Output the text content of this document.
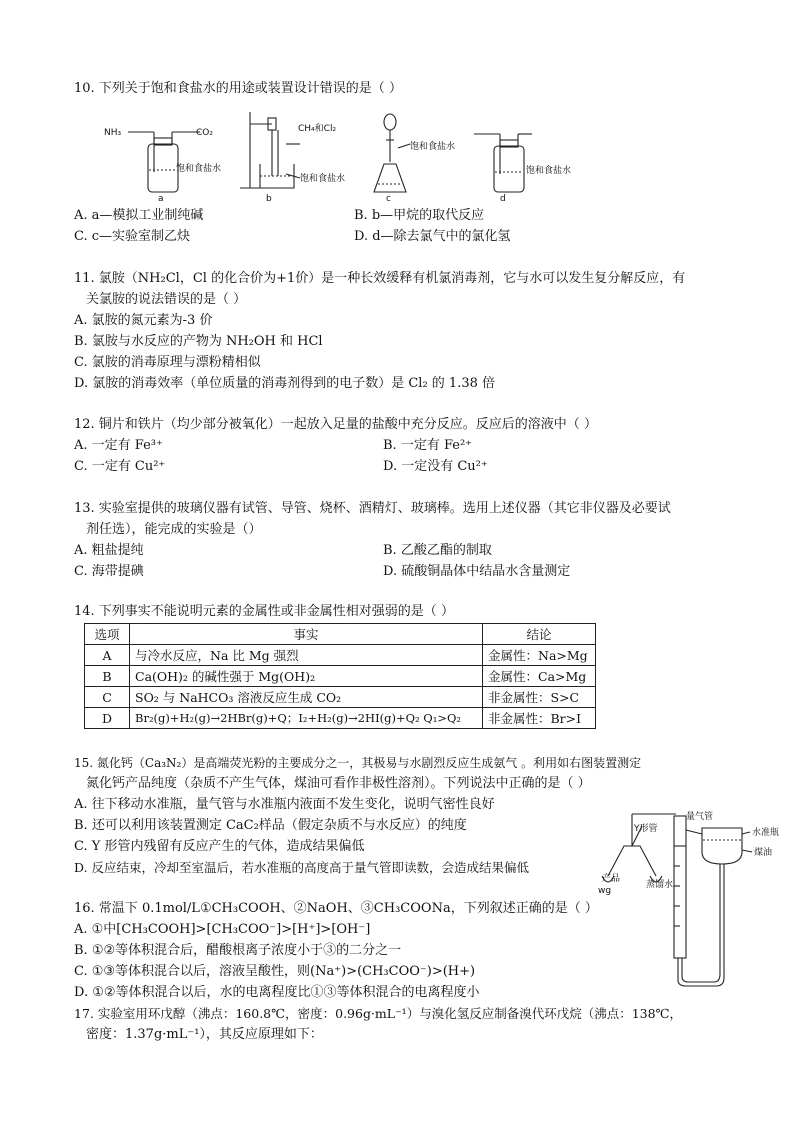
10. 下列关于饱和食盐水的用途或装置设计错误的是（ ）
NH₃	CO₂
饱和食盐水
a
CH₄和Cl₂
饱和食盐水
b
饱和食盐水
c
饱和食盐水
d
A. a—模拟工业制纯碱	B. b—甲烷的取代反应
C. c—实验室制乙炔	D. d—除去氯气中的氯化氢
11. 氯胺（NH₂Cl，Cl 的化合价为+1价）是一种长效缓释有机氯消毒剂，它与水可以发生复分解反应，有
关氯胺的说法错误的是（ ）
A. 氯胺的氮元素为-3 价
B. 氯胺与水反应的产物为 NH₂OH 和 HCl
C. 氯胺的消毒原理与漂粉精相似
D. 氯胺的消毒效率（单位质量的消毒剂得到的电子数）是 Cl₂ 的 1.38 倍
12. 铜片和铁片（均少部分被氧化）一起放入足量的盐酸中充分反应。反应后的溶液中（ ）
A. 一定有 Fe³⁺	B. 一定有 Fe²⁺
C. 一定有 Cu²⁺	D. 一定没有 Cu²⁺
13. 实验室提供的玻璃仪器有试管、导管、烧杯、酒精灯、玻璃棒。选用上述仪器（其它非仪器及必要试
剂任选），能完成的实验是（）
A. 粗盐提纯	B. 乙酸乙酯的制取
C. 海带提碘	D. 硫酸铜晶体中结晶水含量测定
14. 下列事实不能说明元素的金属性或非金属性相对强弱的是（ ）
选项	事实	结论
A	与冷水反应，Na 比 Mg 强烈	金属性：Na>Mg
B	Ca(OH)₂ 的碱性强于 Mg(OH)₂	金属性：Ca>Mg
C	SO₂ 与 NaHCO₃ 溶液反应生成 CO₂	非金属性：S>C
D	Br₂(g)+H₂(g)→2HBr(g)+Q；I₂+H₂(g)→2HI(g)+Q₂ Q₁>Q₂	非金属性：Br>I
15. 氮化钙（Ca₃N₂）是高端荧光粉的主要成分之一，其极易与水剧烈反应生成氨气 。利用如右图装置测定
氮化钙产品纯度（杂质不产生气体，煤油可看作非极性溶剂）。下列说法中正确的是（ ）
A. 往下移动水准瓶，量气管与水准瓶内液面不发生变化，说明气密性良好
B. 还可以利用该装置测定 CaC₂样品（假定杂质不与水反应）的纯度
C. Y 形管内残留有反应产生的气体，造成结果偏低
D. 反应结束，冷却至室温后，若水准瓶的高度高于量气管即读数，会造成结果偏低
Y形管
量气管
水准瓶
煤油
产品
wg
蒸馏水
16. 常温下 0.1mol/L①CH₃COOH、②NaOH、③CH₃COONa，下列叙述正确的是（ ）
A. ①中[CH₃COOH]>[CH₃COO⁻]>[H⁺]>[OH⁻]
B. ①②等体积混合后，醋酸根离子浓度小于③的二分之一
C. ①③等体积混合以后，溶液呈酸性，则(Na⁺)>(CH₃COO⁻)>(H+)
D. ①②等体积混合以后，水的电离程度比①③等体积混合的电离程度小
17. 实验室用环戊醇（沸点：160.8℃，密度：0.96g·mL⁻¹）与溴化氢反应制备溴代环戊烷（沸点：138℃，
密度：1.37g·mL⁻¹），其反应原理如下：
